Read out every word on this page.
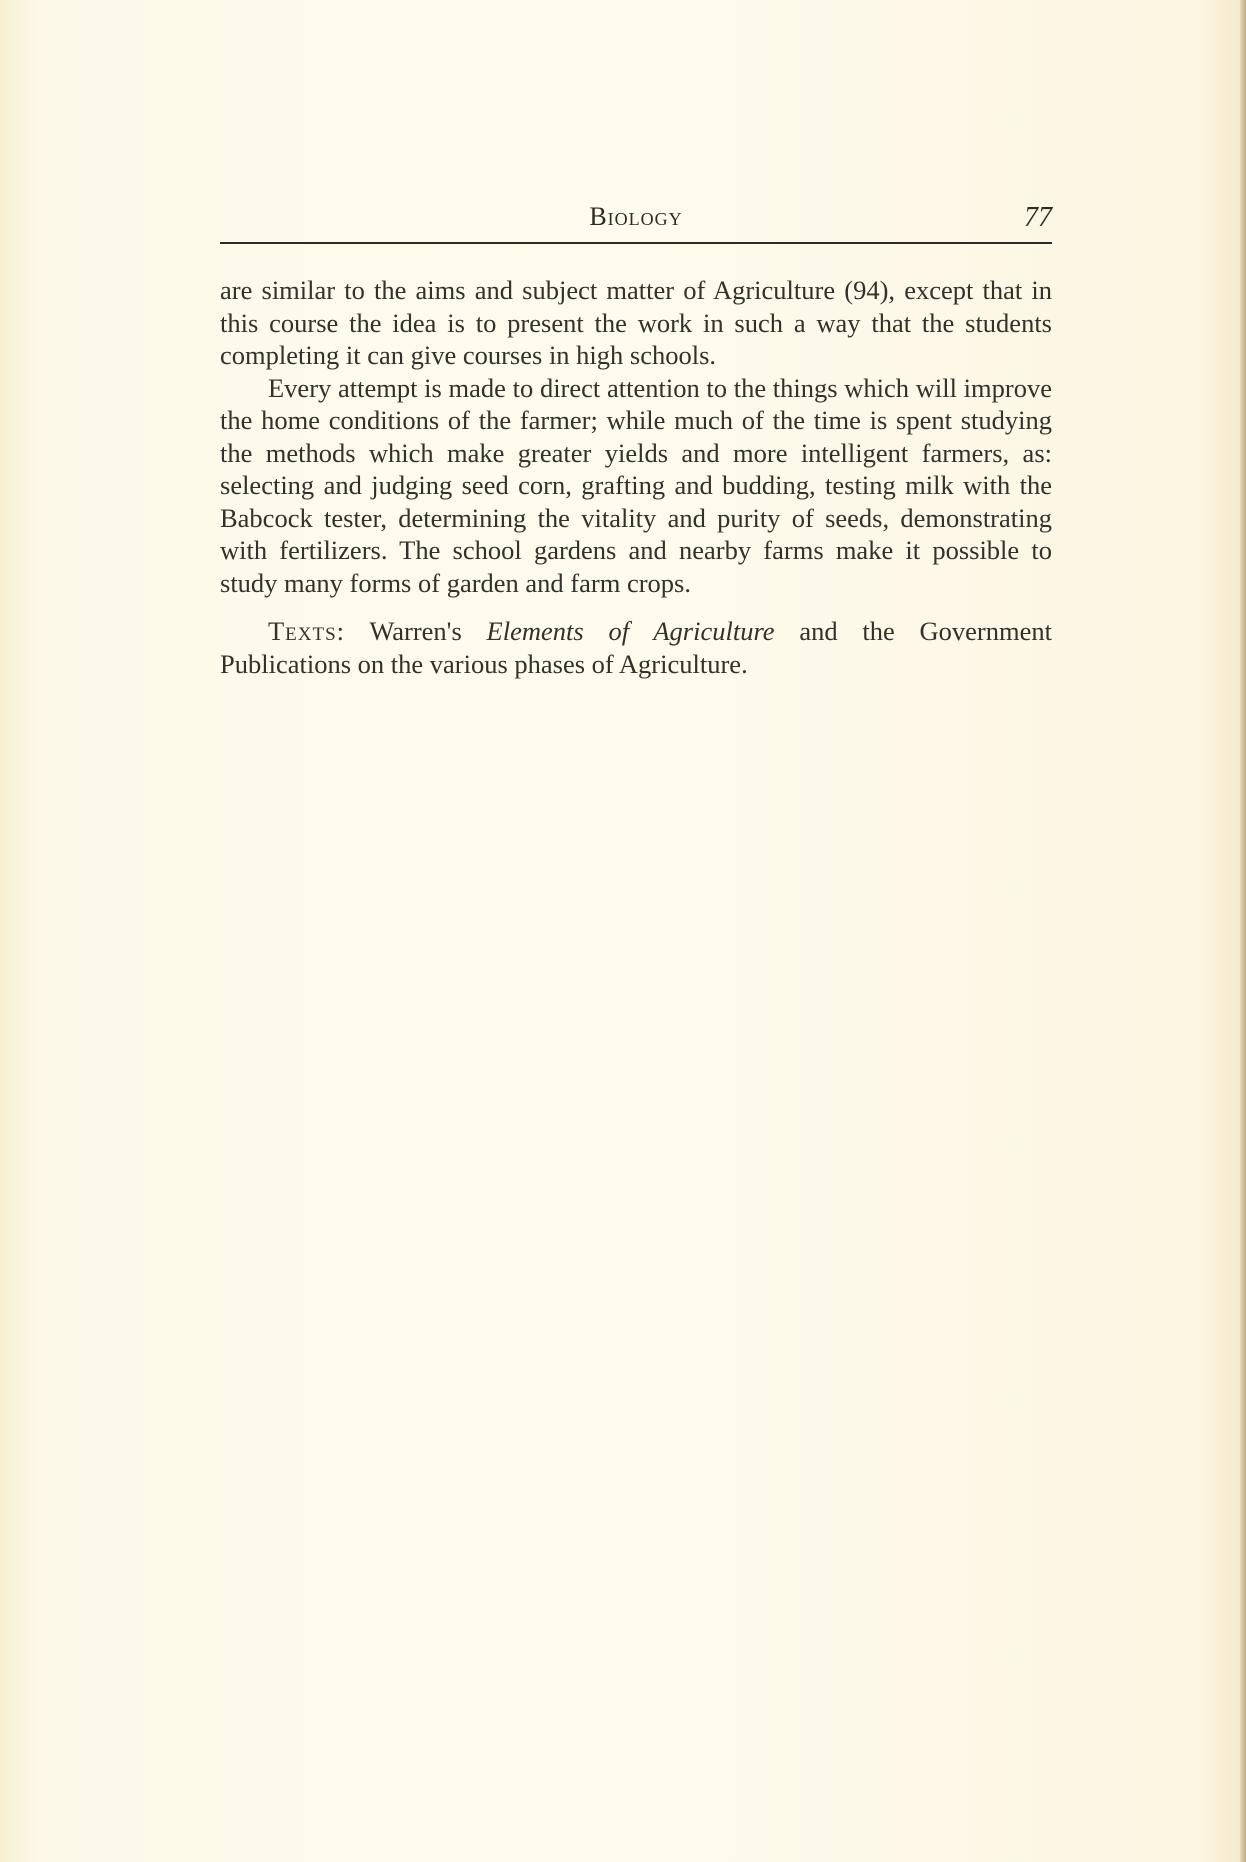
Biology	77

are similar to the aims and subject matter of Agriculture (94), except that in this course the idea is to present the work in such a way that the students completing it can give courses in high schools.

Every attempt is made to direct attention to the things which will improve the home conditions of the farmer; while much of the time is spent studying the methods which make greater yields and more intelligent farmers, as: selecting and judging seed corn, grafting and budding, testing milk with the Babcock tester, determining the vitality and purity of seeds, demonstrating with fertilizers. The school gardens and nearby farms make it possible to study many forms of garden and farm crops.

Texts: Warren's Elements of Agriculture and the Government Publications on the various phases of Agriculture.
